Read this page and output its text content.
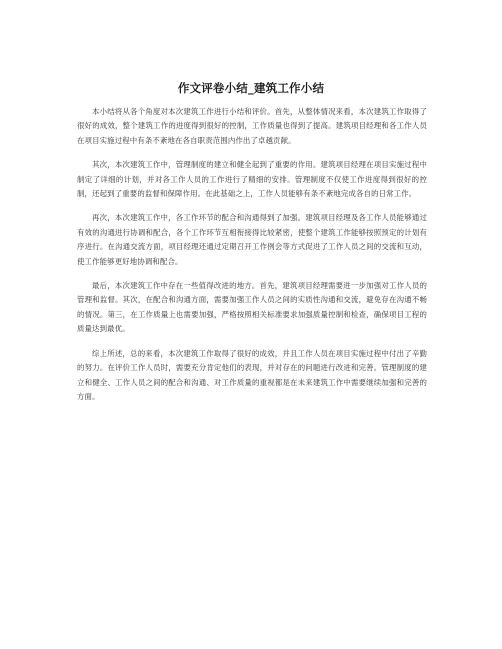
作文评卷小结_建筑工作小结

本小结将从各个角度对本次建筑工作进行小结和评价。首先，从整体情况来看，本次建筑工作取得了很好的成效，整个建筑工作的进度得到很好的控制，工作质量也得到了提高。建筑项目经理和各工作人员在项目实施过程中有条不紊地在各自职责范围内作出了卓越贡献。

其次，本次建筑工作中，管理制度的建立和健全起到了重要的作用。建筑项目经理在项目实施过程中制定了详细的计划，并对各工作人员的工作进行了精细的安排。管理制度不仅使工作进度得到很好的控制，还起到了重要的监督和保障作用。在此基础之上，工作人员能够有条不紊地完成各自的日常工作。

再次，本次建筑工作中，各工作环节的配合和沟通得到了加强。建筑项目经理及各工作人员能够通过有效的沟通进行协调和配合，各个工作环节互相衔接得比较紧密，使整个建筑工作能够按照预定的计划有序进行。在沟通交流方面，项目经理还通过定期召开工作例会等方式促进了工作人员之间的交流和互动，使工作能够更好地协调和配合。

最后，本次建筑工作中存在一些值得改进的地方。首先，建筑项目经理需要进一步加强对工作人员的管理和监督。其次，在配合和沟通方面，需要加强工作人员之间的实质性沟通和交流，避免存在沟通不畅的情况。第三，在工作质量上也需要加强，严格按照相关标准要求加强质量控制和检查，确保项目工程的质量达到最优。

综上所述，总的来看，本次建筑工作取得了很好的成效，并且工作人员在项目实施过程中付出了辛勤的努力。在评价工作人员时，需要充分肯定他们的表现，并对存在的问题进行改进和完善。管理制度的建立和健全、工作人员之间的配合和沟通、对工作质量的重视都是在未来建筑工作中需要继续加强和完善的方面。
